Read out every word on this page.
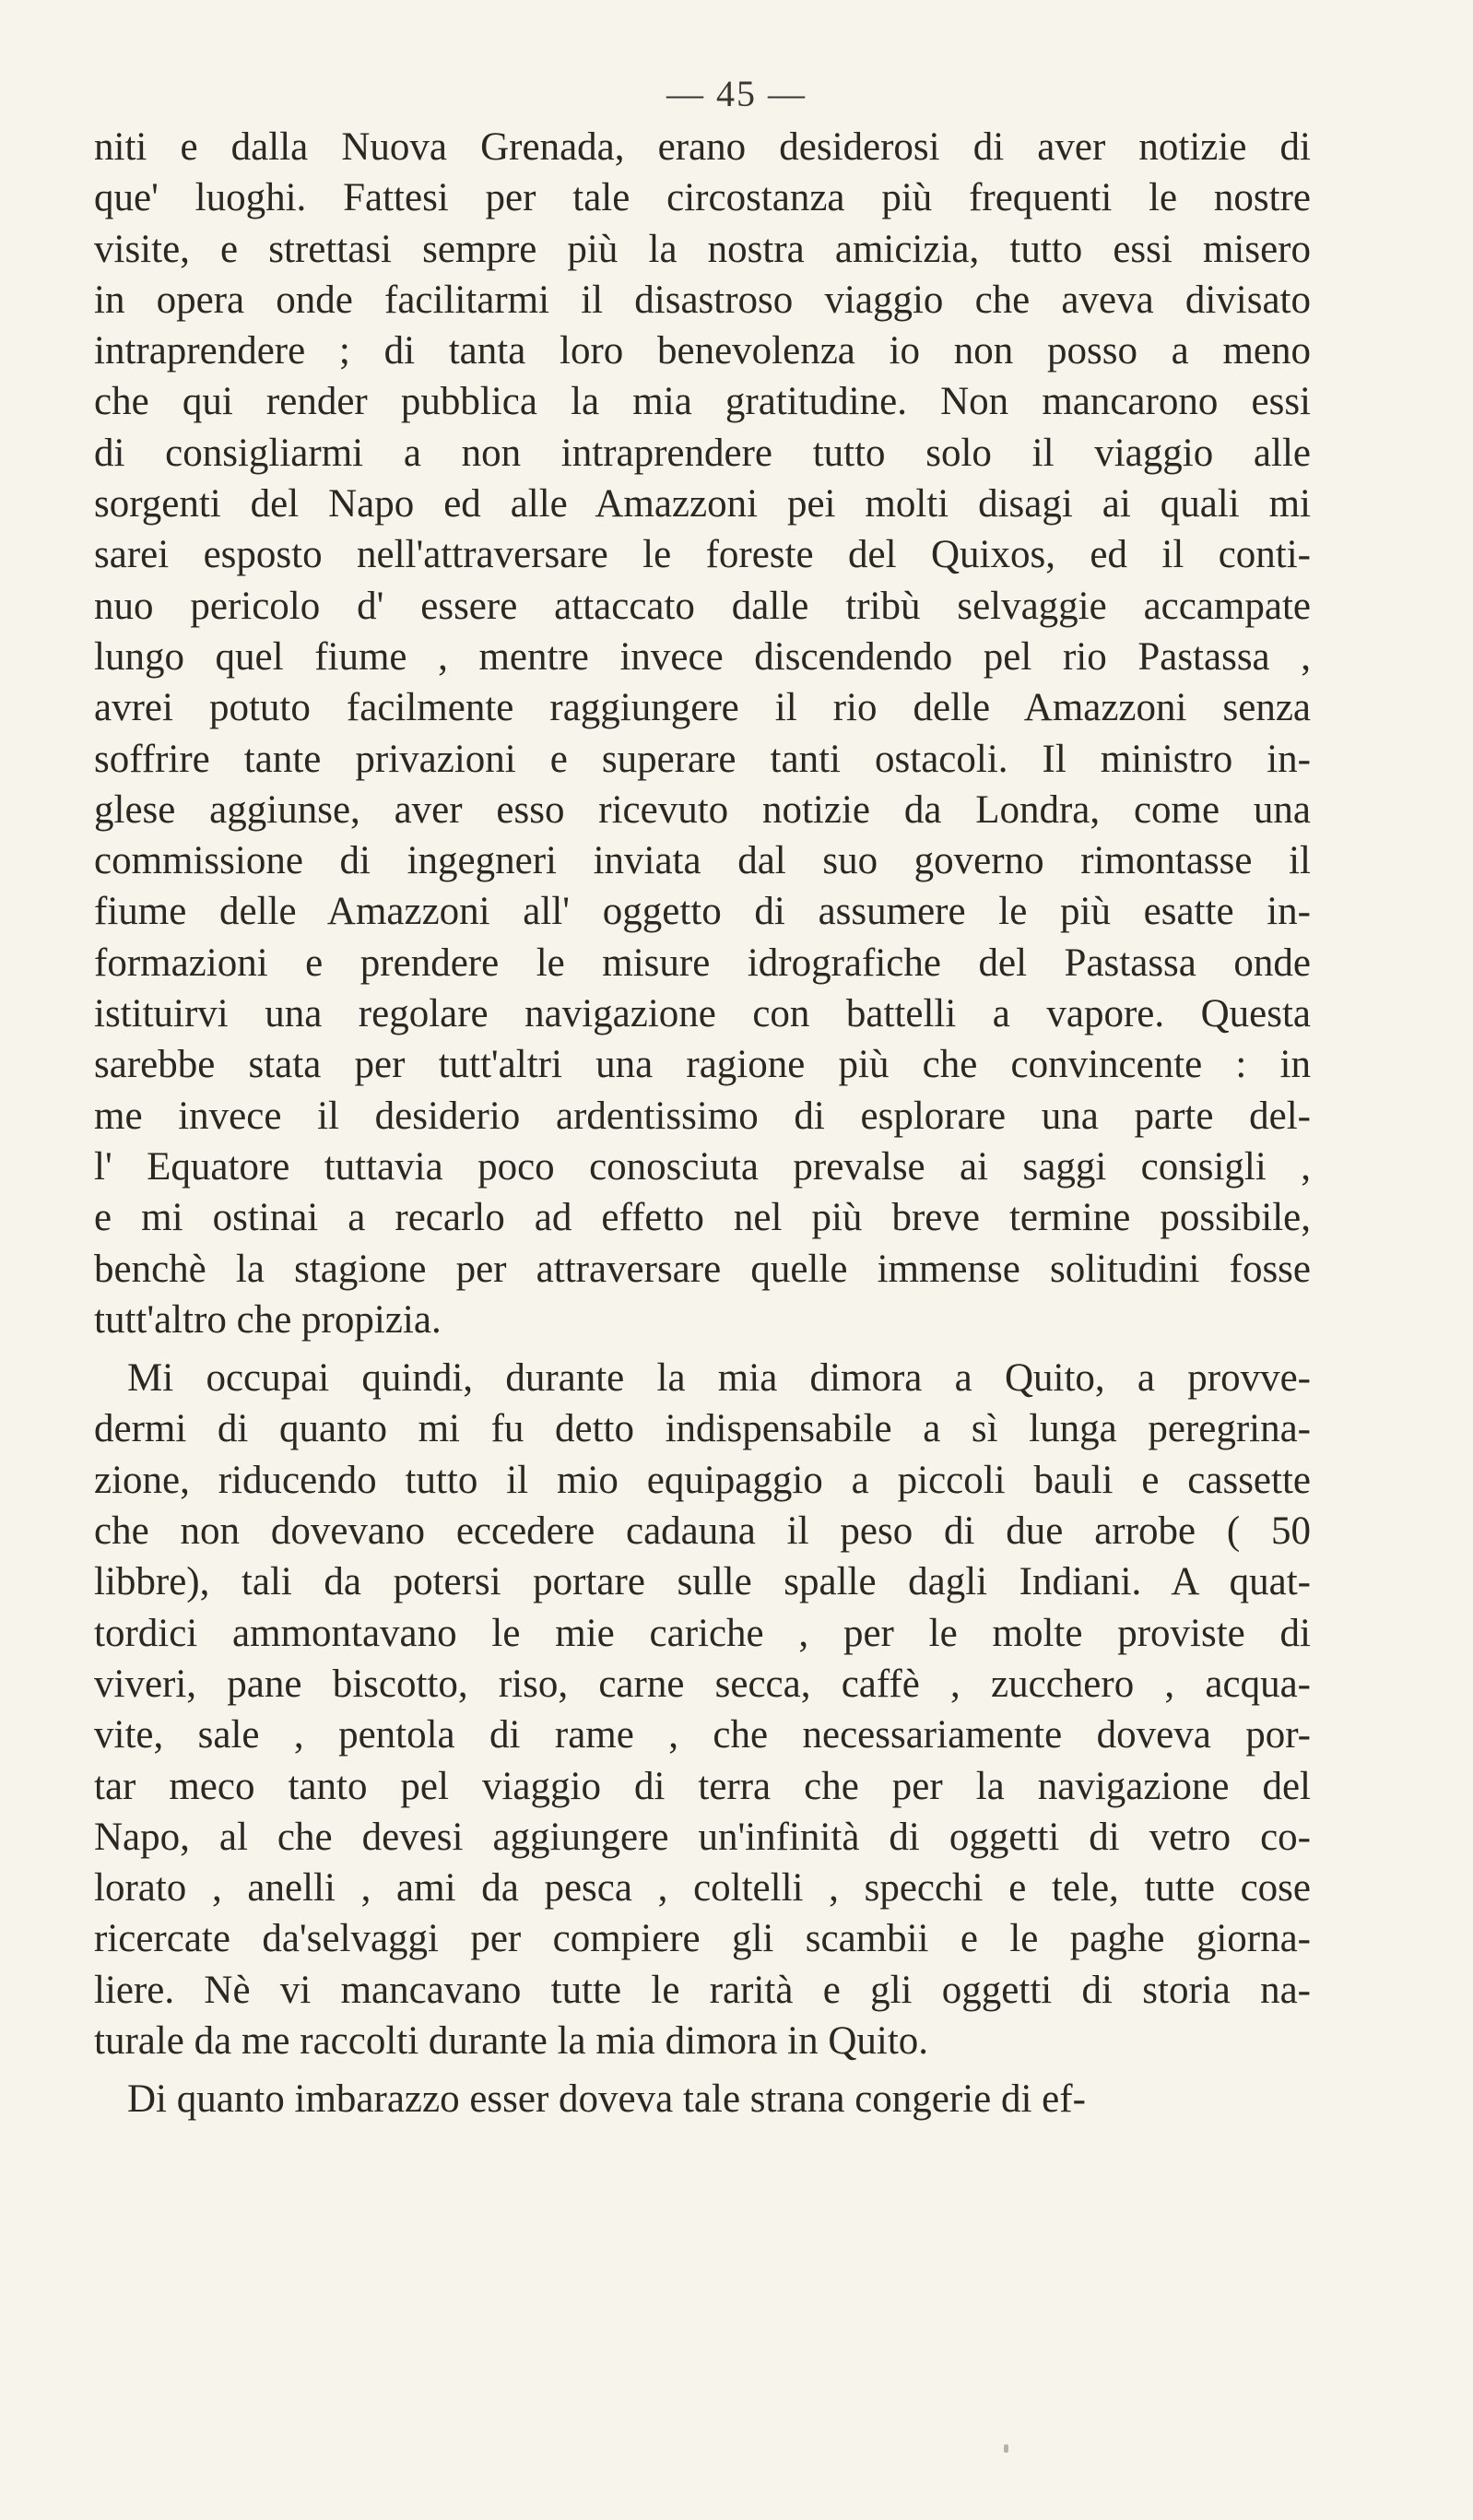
— 45 —
niti e dalla Nuova Grenada, erano desiderosi di aver notizie di
que' luoghi. Fattesi per tale circostanza più frequenti le nostre
visite, e strettasi sempre più la nostra amicizia, tutto essi misero
in opera onde facilitarmi il disastroso viaggio che aveva divisato
intraprendere ; di tanta loro benevolenza io non posso a meno
che qui render pubblica la mia gratitudine. Non mancarono essi
di consigliarmi a non intraprendere tutto solo il viaggio alle
sorgenti del Napo ed alle Amazzoni pei molti disagi ai quali mi
sarei esposto nell'attraversare le foreste del Quixos, ed il conti-
nuo pericolo d' essere attaccato dalle tribù selvaggie accampate
lungo quel fiume , mentre invece discendendo pel rio Pastassa ,
avrei potuto facilmente raggiungere il rio delle Amazzoni senza
soffrire tante privazioni e superare tanti ostacoli. Il ministro in-
glese aggiunse, aver esso ricevuto notizie da Londra, come una
commissione di ingegneri inviata dal suo governo rimontasse il
fiume delle Amazzoni all' oggetto di assumere le più esatte in-
formazioni e prendere le misure idrografiche del Pastassa onde
istituirvi una regolare navigazione con battelli a vapore. Questa
sarebbe stata per tutt'altri una ragione più che convincente : in
me invece il desiderio ardentissimo di esplorare una parte del-
l' Equatore tuttavia poco conosciuta prevalse ai saggi consigli ,
e mi ostinai a recarlo ad effetto nel più breve termine possibile,
benchè la stagione per attraversare quelle immense solitudini fosse
tutt'altro che propizia.
Mi occupai quindi, durante la mia dimora a Quito, a provve-
dermi di quanto mi fu detto indispensabile a sì lunga peregrina-
zione, riducendo tutto il mio equipaggio a piccoli bauli e cassette
che non dovevano eccedere cadauna il peso di due arrobe ( 50
libbre), tali da potersi portare sulle spalle dagli Indiani. A quat-
tordici ammontavano le mie cariche , per le molte proviste di
viveri, pane biscotto, riso, carne secca, caffè , zucchero , acqua-
vite, sale , pentola di rame , che necessariamente doveva por-
tar meco tanto pel viaggio di terra che per la navigazione del
Napo, al che devesi aggiungere un'infinità di oggetti di vetro co-
lorato , anelli , ami da pesca , coltelli , specchi e tele, tutte cose
ricercate da'selvaggi per compiere gli scambii e le paghe giorna-
liere. Nè vi mancavano tutte le rarità e gli oggetti di storia na-
turale da me raccolti durante la mia dimora in Quito.
Di quanto imbarazzo esser doveva tale strana congerie di ef-
